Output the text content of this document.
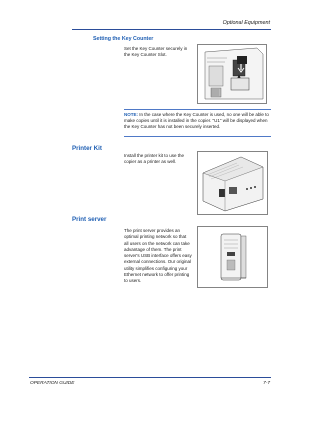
Optional Equipment
Setting the Key Counter
Set the Key Counter securely in the Key Counter Slot.
NOTE: In the case where the Key Counter is used, no one will be able to make copies until it is installed in the copier. "U1" will be displayed when the Key Counter has not been securely inserted.
Printer Kit
Install the printer kit to use the copier as a printer as well.
Print server
The print server provides an optimal printing network so that all users on the network can take advantage of them. The print server's USB interface offers easy external connections. Our original utility simplifies configuring your Ethernet network to offer printing to users.
OPERATION GUIDE	7-7
